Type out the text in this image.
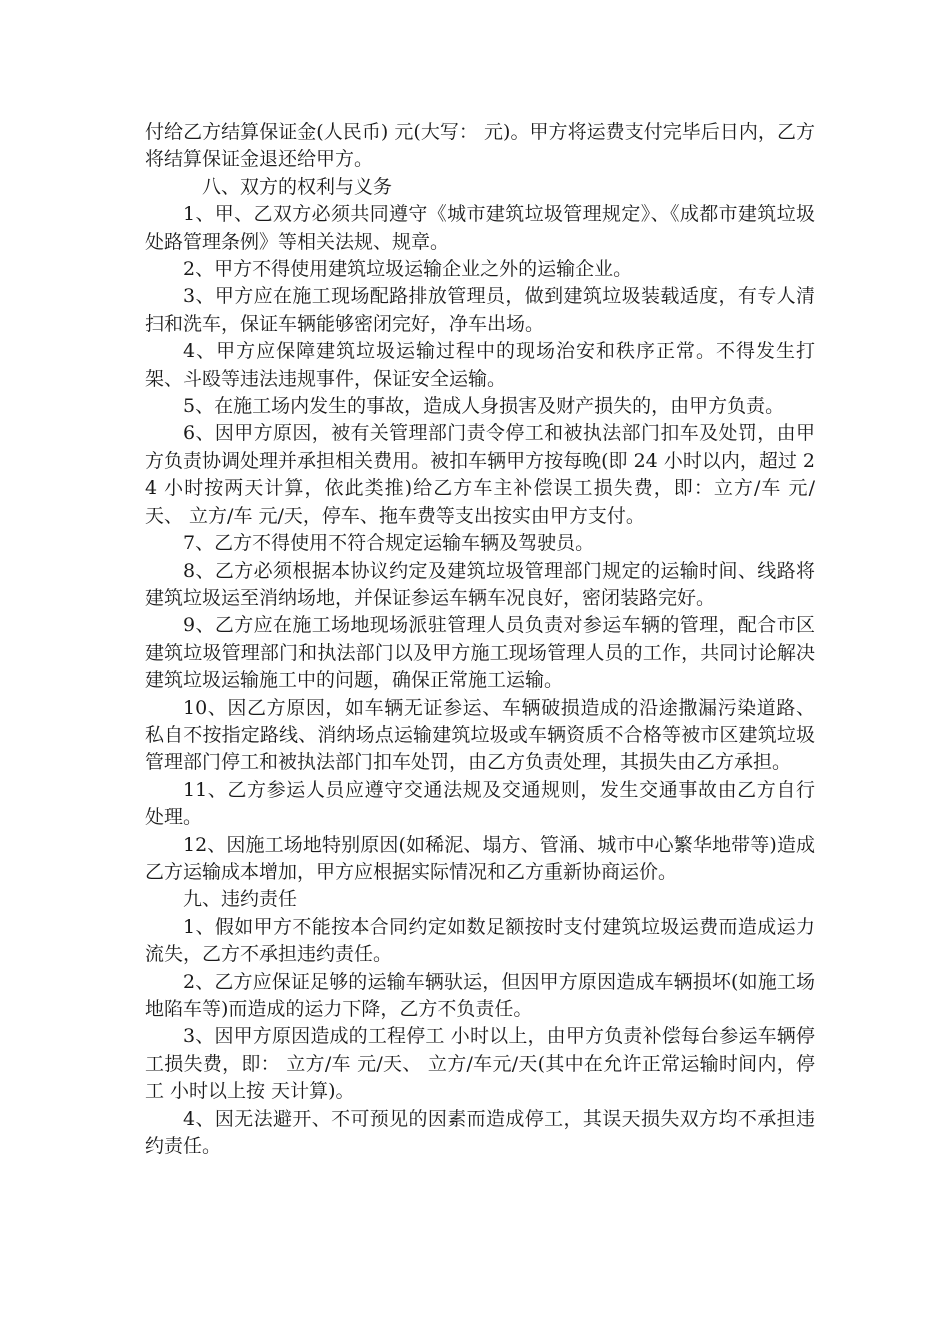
付给乙方结算保证金(人民币) 元(大写： 元)。甲方将运费支付完毕后日内，乙方将结算保证金退还给甲方。

八、双方的权利与义务

1、甲、乙双方必须共同遵守《城市建筑垃圾管理规定》、《成都市建筑垃圾处路管理条例》等相关法规、规章。

2、甲方不得使用建筑垃圾运输企业之外的运输企业。

3、甲方应在施工现场配路排放管理员，做到建筑垃圾装载适度，有专人清扫和洗车，保证车辆能够密闭完好，净车出场。

4、甲方应保障建筑垃圾运输过程中的现场治安和秩序正常。不得发生打架、斗殴等违法违规事件，保证安全运输。

5、在施工场内发生的事故，造成人身损害及财产损失的，由甲方负责。

6、因甲方原因，被有关管理部门责令停工和被执法部门扣车及处罚，由甲方负责协调处理并承担相关费用。被扣车辆甲方按每晚(即 24 小时以内，超过 24 小时按两天计算，依此类推)给乙方车主补偿误工损失费，即：立方/车 元/天、 立方/车 元/天，停车、拖车费等支出按实由甲方支付。

7、乙方不得使用不符合规定运输车辆及驾驶员。

8、乙方必须根据本协议约定及建筑垃圾管理部门规定的运输时间、线路将建筑垃圾运至消纳场地，并保证参运车辆车况良好，密闭装路完好。

9、乙方应在施工场地现场派驻管理人员负责对参运车辆的管理，配合市区建筑垃圾管理部门和执法部门以及甲方施工现场管理人员的工作，共同讨论解决建筑垃圾运输施工中的问题，确保正常施工运输。

10、因乙方原因，如车辆无证参运、车辆破损造成的沿途撒漏污染道路、私自不按指定路线、消纳场点运输建筑垃圾或车辆资质不合格等被市区建筑垃圾管理部门停工和被执法部门扣车处罚，由乙方负责处理，其损失由乙方承担。

11、乙方参运人员应遵守交通法规及交通规则，发生交通事故由乙方自行处理。

12、因施工场地特别原因(如稀泥、塌方、管涌、城市中心繁华地带等)造成乙方运输成本增加，甲方应根据实际情况和乙方重新协商运价。

九、违约责任

1、假如甲方不能按本合同约定如数足额按时支付建筑垃圾运费而造成运力流失，乙方不承担违约责任。

2、乙方应保证足够的运输车辆驮运，但因甲方原因造成车辆损坏(如施工场地陷车等)而造成的运力下降，乙方不负责任。

3、因甲方原因造成的工程停工 小时以上，由甲方负责补偿每台参运车辆停工损失费，即： 立方/车 元/天、 立方/车元/天(其中在允许正常运输时间内，停工 小时以上按 天计算)。

4、因无法避开、不可预见的因素而造成停工，其误天损失双方均不承担违约责任。
